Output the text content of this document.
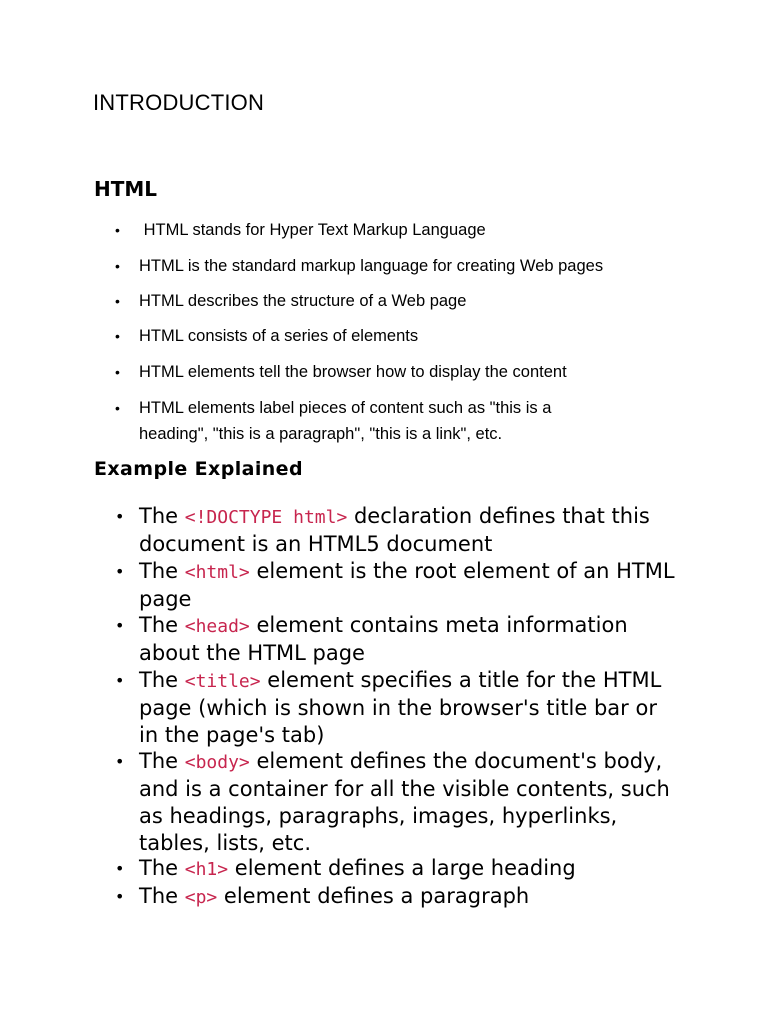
INTRODUCTION
HTML
• HTML stands for Hyper Text Markup Language
• HTML is the standard markup language for creating Web pages
• HTML describes the structure of a Web page
• HTML consists of a series of elements
• HTML elements tell the browser how to display the content
• HTML elements label pieces of content such as "this is a heading", "this is a paragraph", "this is a link", etc.
Example Explained
• The <!DOCTYPE html> declaration defines that this document is an HTML5 document
• The <html> element is the root element of an HTML page
• The <head> element contains meta information about the HTML page
• The <title> element specifies a title for the HTML page (which is shown in the browser's title bar or in the page's tab)
• The <body> element defines the document's body, and is a container for all the visible contents, such as headings, paragraphs, images, hyperlinks, tables, lists, etc.
• The <h1> element defines a large heading
• The <p> element defines a paragraph
